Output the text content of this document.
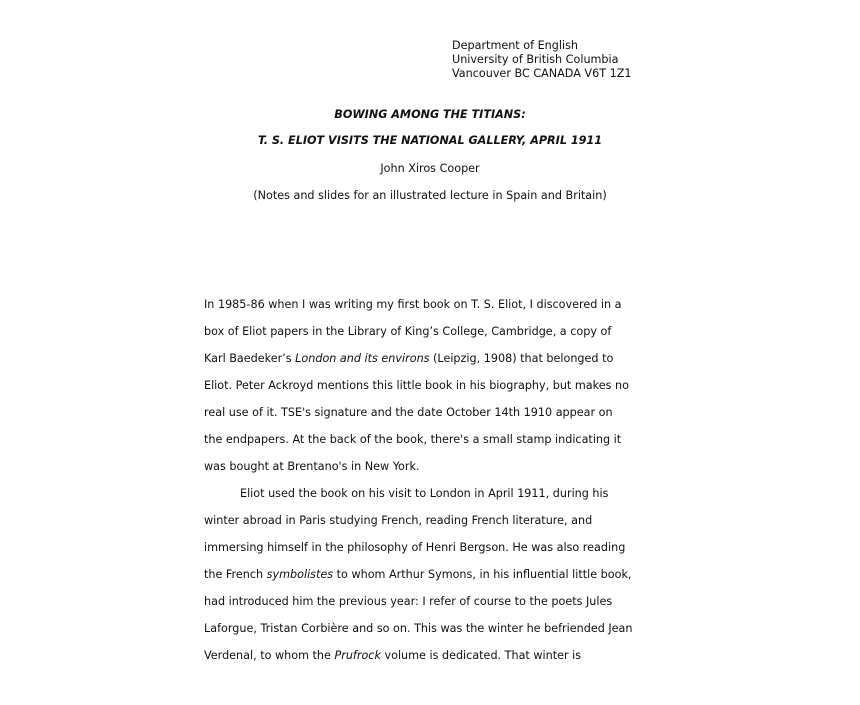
Department of English
University of British Columbia
Vancouver BC CANADA V6T 1Z1
BOWING AMONG THE TITIANS:
T. S. ELIOT VISITS THE NATIONAL GALLERY, APRIL 1911
John Xiros Cooper
(Notes and slides for an illustrated lecture in Spain and Britain)
In 1985-86 when I was writing my first book on T. S. Eliot, I discovered in a
box of Eliot papers in the Library of King’s College, Cambridge, a copy of
Karl Baedeker’s London and its environs (Leipzig, 1908) that belonged to
Eliot. Peter Ackroyd mentions this little book in his biography, but makes no
real use of it. TSE's signature and the date October 14th 1910 appear on
the endpapers. At the back of the book, there's a small stamp indicating it
was bought at Brentano's in New York.
Eliot used the book on his visit to London in April 1911, during his
winter abroad in Paris studying French, reading French literature, and
immersing himself in the philosophy of Henri Bergson. He was also reading
the French symbolistes to whom Arthur Symons, in his influential little book,
had introduced him the previous year: I refer of course to the poets Jules
Laforgue, Tristan Corbière and so on. This was the winter he befriended Jean
Verdenal, to whom the Prufrock volume is dedicated. That winter is
